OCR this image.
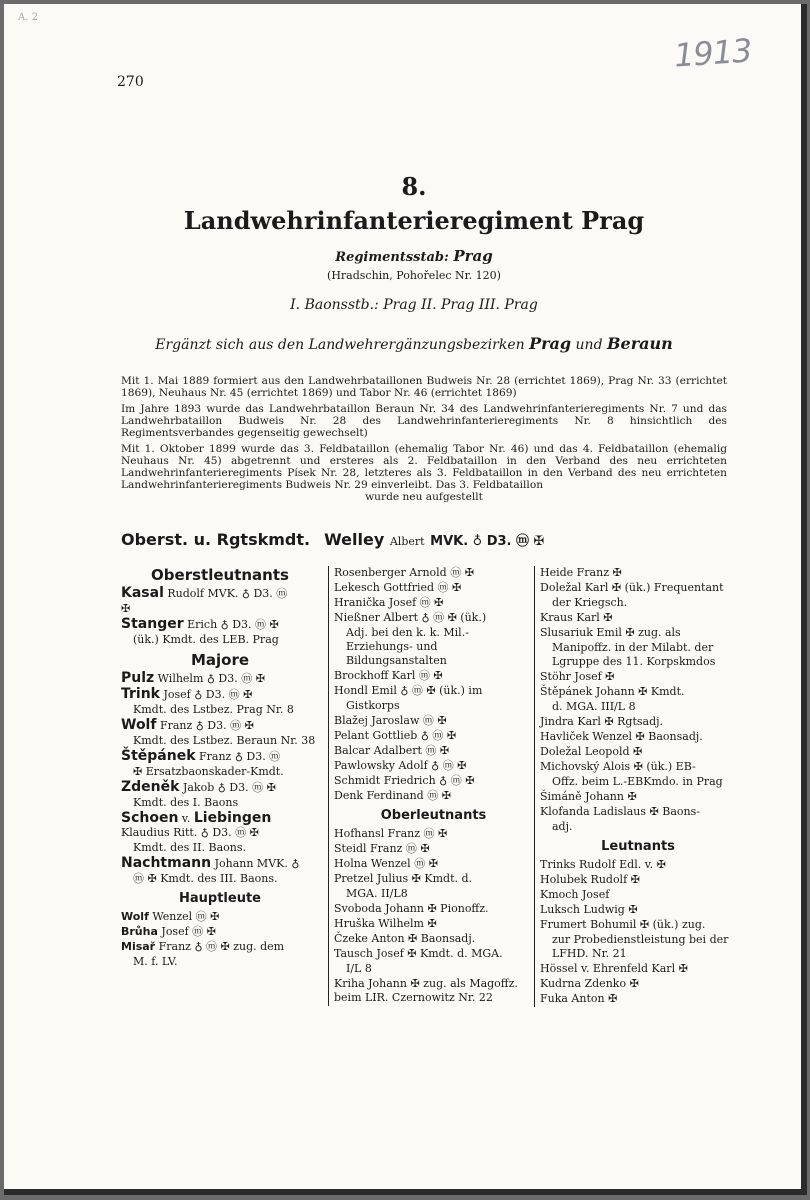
A. 2
270
1913
8.
Landwehrinfanterieregiment Prag
Regimentsstab: Prag
(Hradschin, Pohořelec Nr. 120)
I. Baonsstb.: Prag II. Prag III. Prag
Ergänzt sich aus den Landwehrergänzungsbezirken Prag und Beraun

Mit 1. Mai 1889 formiert aus den Landwehrbataillonen Budweis Nr. 28 (errichtet 1869), Prag Nr. 33 (errichtet 1869), Neuhaus Nr. 45 (errichtet 1869) und Tabor Nr. 46 (errichtet 1869)

Im Jahre 1893 wurde das Landwehrbataillon Beraun Nr. 34 des Landwehrinfanterieregiments Nr. 7 und das Landwehrbataillon Budweis Nr. 28 des Landwehrinfanterieregiments Nr. 8 hinsichtlich des Regimentsverbandes gegenseitig gewechselt)

Mit 1. Oktober 1899 wurde das 3. Feldbataillon (ehemalig Tabor Nr. 46) und das 4. Feldbataillon (ehemalig Neuhaus Nr. 45) abgetrennt und ersteres als 2. Feldbataillon in den Verband des neu errichteten Landwehrinfanterieregiments Písek Nr. 28, letzteres als 3. Feldbataillon in den Verband des neu errichteten Landwehrinfanterieregiments Budweis Nr. 29 einverleibt. Das 3. Feldbataillon

wurde neu aufgestellt

Oberst. u. Rgtskmdt. Welley Albert MVK. ♁ D3. ⓜ ✠
Oberstleutnants
Kasal Rudolf MVK. ♁ D3. ⓜ
✠
Stanger Erich ♁ D3. ⓜ ✠
(ük.) Kmdt. des LEB. Prag
Majore
Pulz Wilhelm ♁ D3. ⓜ ✠
Trink Josef ♁ D3. ⓜ ✠
Kmdt. des Lstbez. Prag Nr. 8
Wolf Franz ♁ D3. ⓜ ✠
Kmdt. des Lstbez. Beraun Nr. 38
Štěpánek Franz ♁ D3. ⓜ
✠ Ersatzbaonskader-Kmdt.
Zdeněk Jakob ♁ D3. ⓜ ✠
Kmdt. des I. Baons
Schoen v. Liebingen Klaudius Ritt. ♁ D3. ⓜ ✠
Kmdt. des II. Baons.
Nachtmann Johann MVK. ♁
ⓜ ✠ Kmdt. des III. Baons.
Hauptleute
Wolf Wenzel ⓜ ✠
Brůha Josef ⓜ ✠
Misař Franz ♁ ⓜ ✠ zug. dem
M. f. LV.
Rosenberger Arnold ⓜ ✠
Lekesch Gottfried ⓜ ✠
Hranička Josef ⓜ ✠
Nießner Albert ♁ ⓜ ✠ (ük.)
Adj. bei den k. k. Mil.-Erziehungs- und Bildungsanstalten
Brockhoff Karl ⓜ ✠
Hondl Emil ♁ ⓜ ✠ (ük.) im
Gistkorps
Blažej Jaroslaw ⓜ ✠
Pelant Gottlieb ♁ ⓜ ✠
Balcar Adalbert ⓜ ✠
Pawlowsky Adolf ♁ ⓜ ✠
Schmidt Friedrich ♁ ⓜ ✠
Denk Ferdinand ⓜ ✠
Oberleutnants
Hofhansl Franz ⓜ ✠
Steidl Franz ⓜ ✠
Holna Wenzel ⓜ ✠
Pretzel Julius ✠ Kmdt. d.
MGA. II/L8
Svoboda Johann ✠ Pionoffz.
Hruška Wilhelm ✠
Čzeke Anton ✠ Baonsadj.
Tausch Josef ✠ Kmdt. d. MGA.
I/L 8
Kriha Johann ✠ zug. als Magoffz. beim LIR. Czernowitz Nr. 22
Heide Franz ✠
Doležal Karl ✠ (ük.) Frequentant
der Kriegsch.
Kraus Karl ✠
Slusariuk Emil ✠ zug. als
Manipoffz. in der Milabt. der Lgruppe des 11. Korpskmdos
Stöhr Josef ✠
Štěpánek Johann ✠ Kmdt.
d. MGA. III/L 8
Jindra Karl ✠ Rgtsadj.
Havliček Wenzel ✠ Baonsadj.
Doležal Leopold ✠
Michovský Alois ✠ (ük.) EB-
Offz. beim L.-EBKmdo. in Prag
Šimáně Johann ✠
Klofanda Ladislaus ✠ Baons-
adj.
Leutnants
Trinks Rudolf Edl. v. ✠
Holubek Rudolf ✠
Kmoch Josef
Luksch Ludwig ✠
Frumert Bohumil ✠ (ük.) zug.
zur Probedienstleistung bei der LFHD. Nr. 21
Hössel v. Ehrenfeld Karl ✠
Kudrna Zdenko ✠
Fuka Anton ✠
